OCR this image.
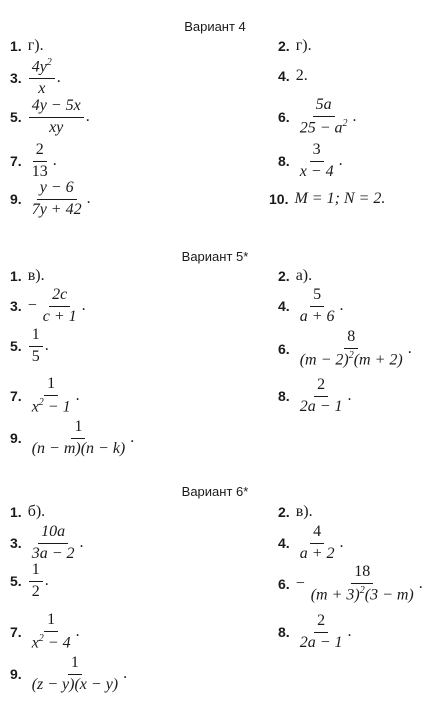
Вариант 4
1. г).	2. г).
3. $\frac{4y^2}{x}$ .	4. 2.
5. $\frac{4y - 5x}{xy}$ .	6. $\frac{5a}{25 - a^2}$ .
7. $\frac{2}{13}$ .	8. $\frac{3}{x - 4}$ .
9. $\frac{y - 6}{7y + 42}$ .	10. M = 1; N = 2.
Вариант 5*
1. в).	2. а).
3. − $\frac{2c}{c + 1}$ .	4. $\frac{5}{a + 6}$ .
5. $\frac{1}{5}$ .	6. $\frac{8}{(m - 2)^2(m + 2)}$ .
7. $\frac{1}{x^2 - 1}$ .	8. $\frac{2}{2a - 1}$ .
9. $\frac{1}{(n - m)(n - k)}$ .
Вариант 6*
1. б).	2. в).
3. $\frac{10a}{3a - 2}$ .	4. $\frac{4}{a + 2}$ .
5. $\frac{1}{2}$ .	6. − $\frac{18}{(m + 3)^2(3 - m)}$ .
7. $\frac{1}{x^2 - 4}$ .	8. $\frac{2}{2a - 1}$ .
9. $\frac{1}{(z - y)(x - y)}$ .
